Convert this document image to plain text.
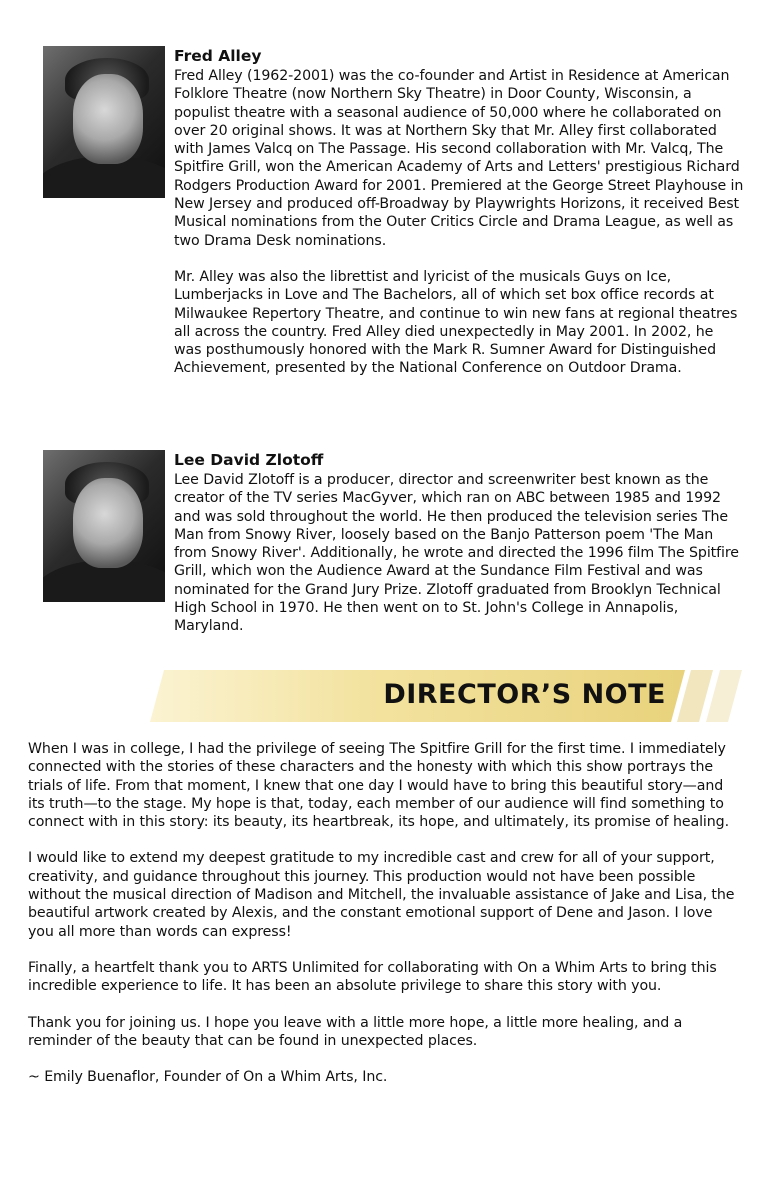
Fred Alley

Fred Alley (1962-2001) was the co-founder and Artist in Residence at American Folklore Theatre (now Northern Sky Theatre) in Door County, Wisconsin, a populist theatre with a seasonal audience of 50,000 where he collaborated on over 20 original shows. It was at Northern Sky that Mr. Alley first collaborated with James Valcq on The Passage. His second collaboration with Mr. Valcq, The Spitfire Grill, won the American Academy of Arts and Letters' prestigious Richard Rodgers Production Award for 2001. Premiered at the George Street Playhouse in New Jersey and produced off-Broadway by Playwrights Horizons, it received Best Musical nominations from the Outer Critics Circle and Drama League, as well as two Drama Desk nominations.

Mr. Alley was also the librettist and lyricist of the musicals Guys on Ice, Lumberjacks in Love and The Bachelors, all of which set box office records at Milwaukee Repertory Theatre, and continue to win new fans at regional theatres all across the country. Fred Alley died unexpectedly in May 2001. In 2002, he was posthumously honored with the Mark R. Sumner Award for Distinguished Achievement, presented by the National Conference on Outdoor Drama.

Lee David Zlotoff

Lee David Zlotoff is a producer, director and screenwriter best known as the creator of the TV series MacGyver, which ran on ABC between 1985 and 1992 and was sold throughout the world. He then produced the television series The Man from Snowy River, loosely based on the Banjo Patterson poem 'The Man from Snowy River'. Additionally, he wrote and directed the 1996 film The Spitfire Grill, which won the Audience Award at the Sundance Film Festival and was nominated for the Grand Jury Prize. Zlotoff graduated from Brooklyn Technical High School in 1970. He then went on to St. John's College in Annapolis, Maryland.

DIRECTOR’S NOTE

When I was in college, I had the privilege of seeing The Spitfire Grill for the first time. I immediately connected with the stories of these characters and the honesty with which this show portrays the trials of life. From that moment, I knew that one day I would have to bring this beautiful story—and its truth—to the stage. My hope is that, today, each member of our audience will find something to connect with in this story: its beauty, its heartbreak, its hope, and ultimately, its promise of healing.

I would like to extend my deepest gratitude to my incredible cast and crew for all of your support, creativity, and guidance throughout this journey. This production would not have been possible without the musical direction of Madison and Mitchell, the invaluable assistance of Jake and Lisa, the beautiful artwork created by Alexis, and the constant emotional support of Dene and Jason. I love you all more than words can express!

Finally, a heartfelt thank you to ARTS Unlimited for collaborating with On a Whim Arts to bring this incredible experience to life. It has been an absolute privilege to share this story with you.

Thank you for joining us. I hope you leave with a little more hope, a little more healing, and a reminder of the beauty that can be found in unexpected places.

~ Emily Buenaflor, Founder of On a Whim Arts, Inc.
